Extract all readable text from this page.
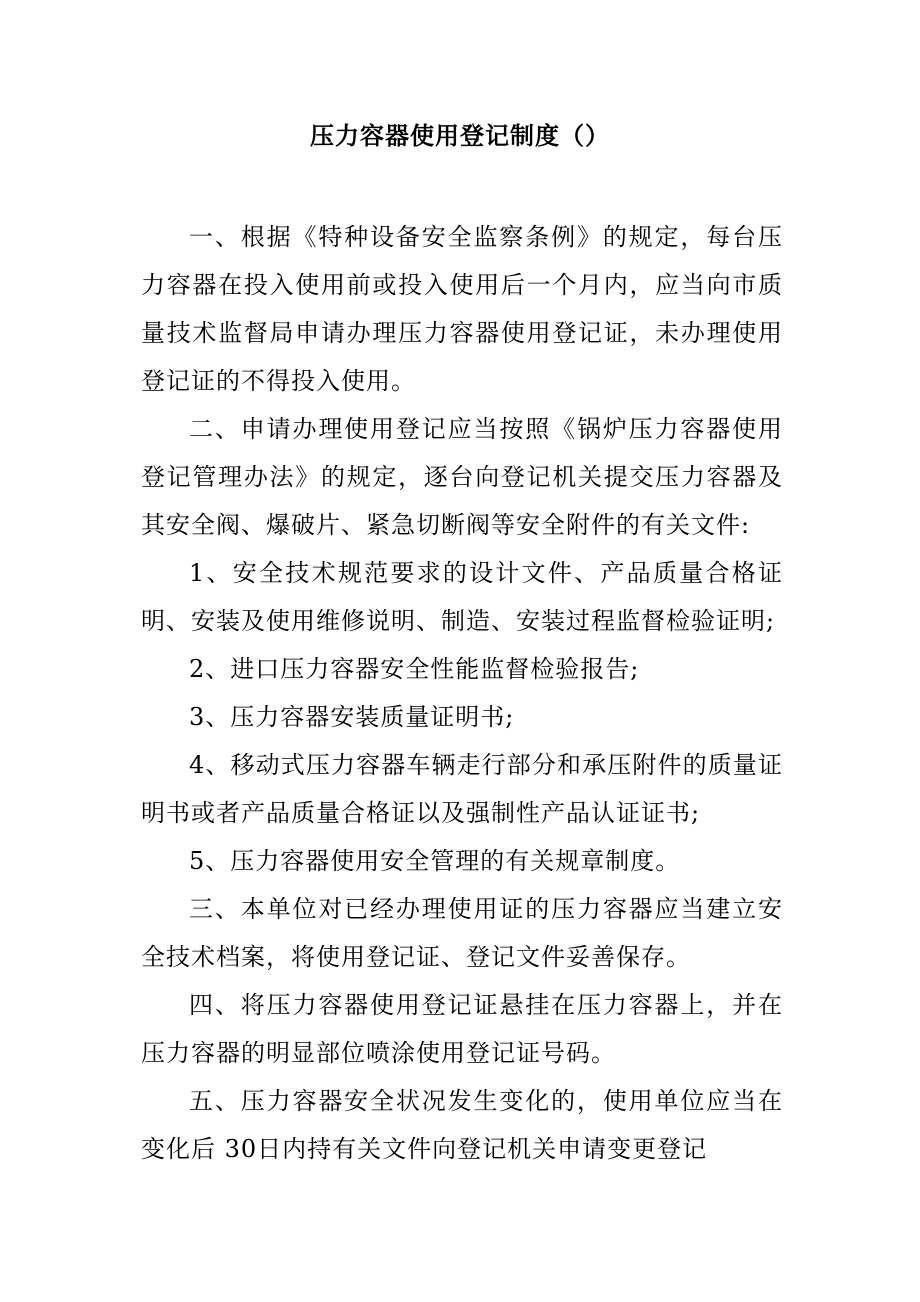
压力容器使用登记制度（）

一、根据《特种设备安全监察条例》的规定，每台压力容器在投入使用前或投入使用后一个月内，应当向市质量技术监督局申请办理压力容器使用登记证，未办理使用登记证的不得投入使用。

二、申请办理使用登记应当按照《锅炉压力容器使用登记管理办法》的规定，逐台向登记机关提交压力容器及其安全阀、爆破片、紧急切断阀等安全附件的有关文件:

1、安全技术规范要求的设计文件、产品质量合格证明、安装及使用维修说明、制造、安装过程监督检验证明;

2、进口压力容器安全性能监督检验报告;

3、压力容器安装质量证明书;

4、移动式压力容器车辆走行部分和承压附件的质量证明书或者产品质量合格证以及强制性产品认证证书;

5、压力容器使用安全管理的有关规章制度。

三、本单位对已经办理使用证的压力容器应当建立安全技术档案，将使用登记证、登记文件妥善保存。

四、将压力容器使用登记证悬挂在压力容器上，并在压力容器的明显部位喷涂使用登记证号码。

五、压力容器安全状况发生变化的，使用单位应当在变化后 30日内持有关文件向登记机关申请变更登记
